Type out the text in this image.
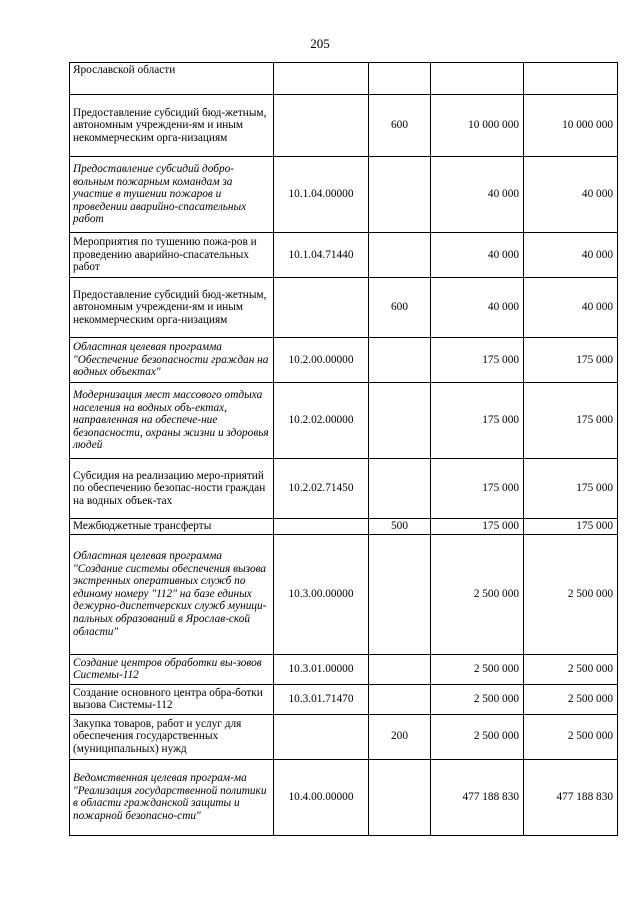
205
Ярославской области				
Предоставление субсидий бюд-жетным, автономным учреждени-ям и иным некоммерческим орга-низациям		600	10 000 000	10 000 000
Предоставление субсидий добро-вольным пожарным командам за участие в тушении пожаров и проведении аварийно-спасательных работ	10.1.04.00000		40 000	40 000
Мероприятия по тушению пожа-ров и проведению аварийно-спасательных работ	10.1.04.71440		40 000	40 000
Предоставление субсидий бюд-жетным, автономным учреждени-ям и иным некоммерческим орга-низациям		600	40 000	40 000
Областная целевая программа "Обеспечение безопасности граждан на водных объектах"	10.2.00.00000		175 000	175 000
Модернизация мест массового отдыха населения на водных объ-ектах, направленная на обеспече-ние безопасности, охраны жизни и здоровья людей	10.2.02.00000		175 000	175 000
Субсидия на реализацию меро-приятий по обеспечению безопас-ности граждан на водных объек-тах	10.2.02.71450		175 000	175 000
Межбюджетные трансферты		500	175 000	175 000
Областная целевая программа "Создание системы обеспечения вызова экстренных оперативных служб по единому номеру "112" на базе единых дежурно-диспетчерских служб муници-пальных образований в Ярослав-ской области"	10.3.00.00000		2 500 000	2 500 000
Создание центров обработки вы-зовов Системы-112	10.3.01.00000		2 500 000	2 500 000
Создание основного центра обра-ботки вызова Системы-112	10.3.01.71470		2 500 000	2 500 000
Закупка товаров, работ и услуг для обеспечения государственных (муниципальных) нужд		200	2 500 000	2 500 000
Ведомственная целевая програм-ма "Реализация государственной политики в области гражданской защиты и пожарной безопасно-сти"	10.4.00.00000		477 188 830	477 188 830
